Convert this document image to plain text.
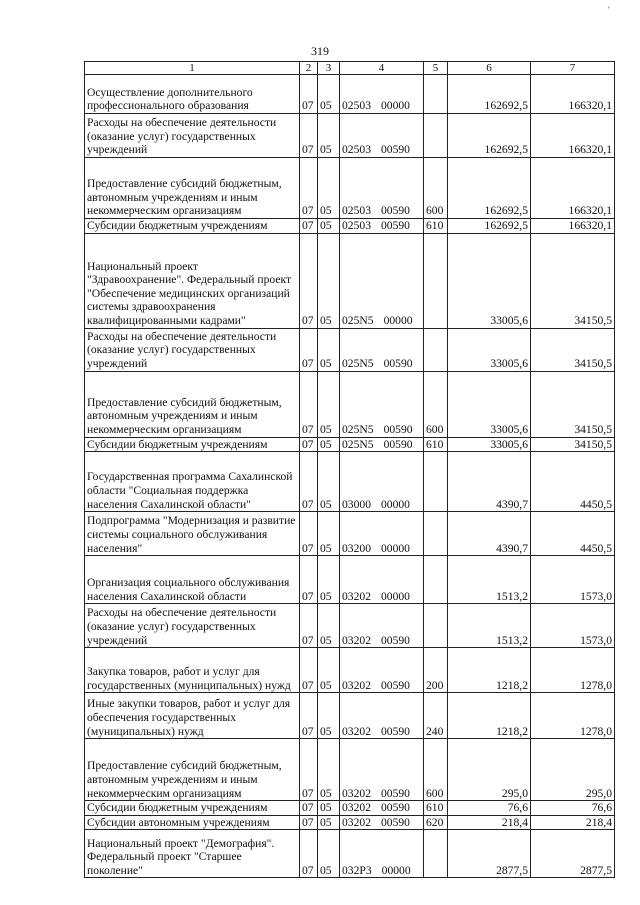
319
1	2	3	4	5	6	7
Осуществление дополнительного профессионального образования	07	05	02503 00000		162692,5	166320,1
Расходы на обеспечение деятельности (оказание услуг) государственных учреждений	07	05	02503 00590		162692,5	166320,1
Предоставление субсидий бюджетным, автономным учреждениям и иным некоммерческим организациям	07	05	02503 00590	600	162692,5	166320,1
Субсидии бюджетным учреждениям	07	05	02503 00590	610	162692,5	166320,1
Национальный проект "Здравоохранение". Федеральный проект "Обеспечение медицинских организаций системы здравоохранения квалифицированными кадрами"	07	05	025N5 00000		33005,6	34150,5
Расходы на обеспечение деятельности (оказание услуг) государственных учреждений	07	05	025N5 00590		33005,6	34150,5
Предоставление субсидий бюджетным, автономным учреждениям и иным некоммерческим организациям	07	05	025N5 00590	600	33005,6	34150,5
Субсидии бюджетным учреждениям	07	05	025N5 00590	610	33005,6	34150,5
Государственная программа Сахалинской области "Социальная поддержка населения Сахалинской области"	07	05	03000 00000		4390,7	4450,5
Подпрограмма "Модернизация и развитие системы социального обслуживания населения"	07	05	03200 00000		4390,7	4450,5
Организация социального обслуживания населения Сахалинской области	07	05	03202 00000		1513,2	1573,0
Расходы на обеспечение деятельности (оказание услуг) государственных учреждений	07	05	03202 00590		1513,2	1573,0
Закупка товаров, работ и услуг для государственных (муниципальных) нужд	07	05	03202 00590	200	1218,2	1278,0
Иные закупки товаров, работ и услуг для обеспечения государственных (муниципальных) нужд	07	05	03202 00590	240	1218,2	1278,0
Предоставление субсидий бюджетным, автономным учреждениям и иным некоммерческим организациям	07	05	03202 00590	600	295,0	295,0
Субсидии бюджетным учреждениям	07	05	03202 00590	610	76,6	76,6
Субсидии автономным учреждениям	07	05	03202 00590	620	218,4	218,4
Национальный проект "Демография". Федеральный проект "Старшее поколение"	07	05	032P3 00000		2877,5	2877,5
'
